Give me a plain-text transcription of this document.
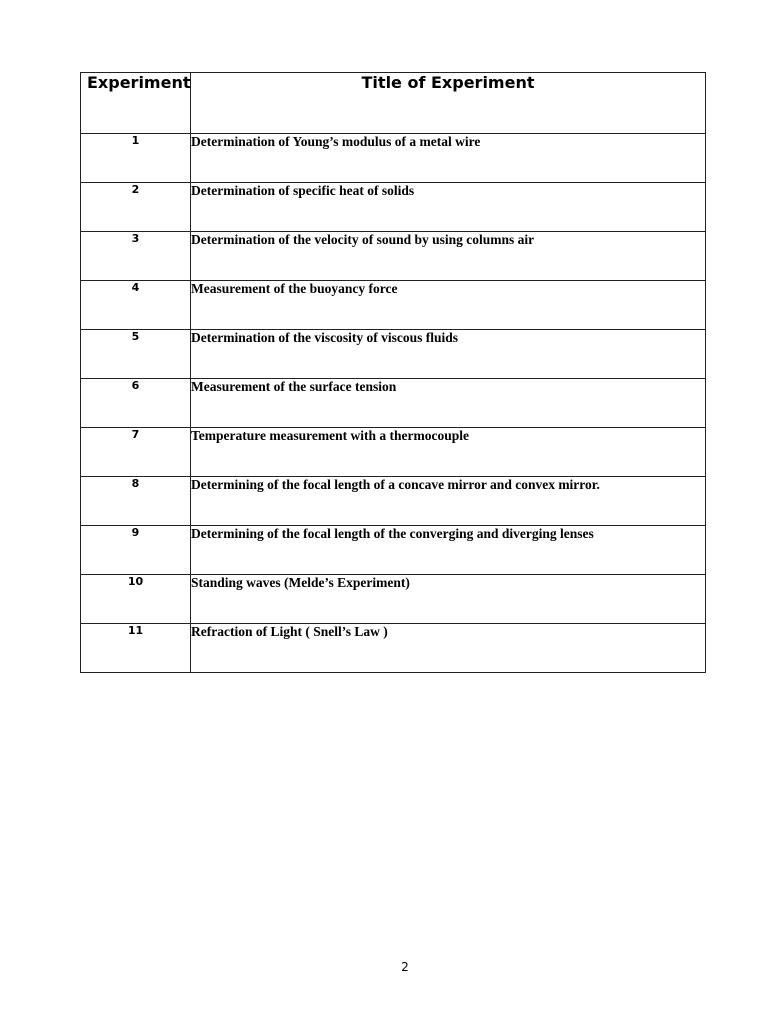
Experiment	Title of Experiment
1	Determination of Young’s modulus of a metal wire
2	Determination of specific heat of solids
3	Determination of the velocity of sound by using columns air
4	Measurement of the buoyancy force
5	Determination of the viscosity of viscous fluids
6	Measurement of the surface tension
7	Temperature measurement with a thermocouple
8	Determining of the focal length of a concave mirror and convex mirror.
9	Determining of the focal length of the converging and diverging lenses
10	Standing waves (Melde’s Experiment)
11	Refraction of Light ( Snell’s Law )
2
